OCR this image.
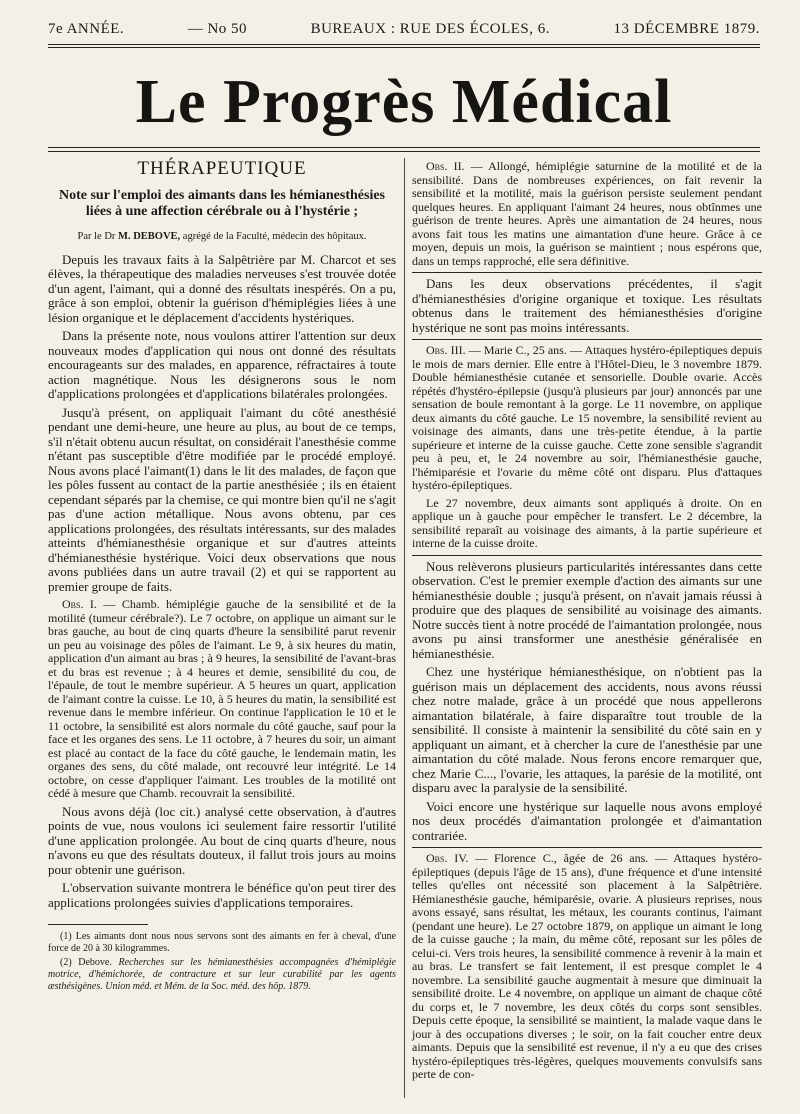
7e ANNÉE.	— No 50	BUREAUX : RUE DES ÉCOLES, 6.	13 DÉCEMBRE 1879.
Le Progrès Médical
THÉRAPEUTIQUE
Note sur l'emploi des aimants dans les hémianesthésies liées à une affection cérébrale ou à l'hystérie ;
Par le Dr M. DEBOVE, agrégé de la Faculté, médecin des hôpitaux.

Depuis les travaux faits à la Salpêtrière par M. Charcot et ses élèves, la thérapeutique des maladies nerveuses s'est trouvée dotée d'un agent, l'aimant, qui a donné des résultats inespérés. On a pu, grâce à son emploi, obtenir la guérison d'hémiplégies liées à une lésion organique et le déplacement d'accidents hystériques.

Dans la présente note, nous voulons attirer l'attention sur deux nouveaux modes d'application qui nous ont donné des résultats encourageants sur des malades, en apparence, réfractaires à toute action magnétique. Nous les désignerons sous le nom d'applications prolongées et d'applications bilatérales prolongées.

Jusqu'à présent, on appliquait l'aimant du côté anesthésié pendant une demi-heure, une heure au plus, au bout de ce temps, s'il n'était obtenu aucun résultat, on considérait l'anesthésie comme n'étant pas susceptible d'être modifiée par le procédé employé. Nous avons placé l'aimant(1) dans le lit des malades, de façon que les pôles fussent au contact de la partie anesthésiée ; ils en étaient cependant séparés par la chemise, ce qui montre bien qu'il ne s'agit pas d'une action métallique. Nous avons obtenu, par ces applications prolongées, des résultats intéressants, sur des malades atteints d'hémianesthésie organique et sur d'autres atteints d'hémianesthésie hystérique. Voici deux observations que nous avons publiées dans un autre travail (2) et qui se rapportent au premier groupe de faits.

Obs. I. — Chamb. hémiplégie gauche de la sensibilité et de la motilité (tumeur cérébrale?). Le 7 octobre, on applique un aimant sur le bras gauche, au bout de cinq quarts d'heure la sensibilité parut revenir un peu au voisinage des pôles de l'aimant. Le 9, à six heures du matin, application d'un aimant au bras ; à 9 heures, la sensibilité de l'avant-bras et du bras est revenue ; à 4 heures et demie, sensibilité du cou, de l'épaule, de tout le membre supérieur. A 5 heures un quart, application de l'aimant contre la cuisse. Le 10, à 5 heures du matin, la sensibilité est revenue dans le membre inférieur. On continue l'application le 10 et le 11 octobre, la sensibilité est alors normale du côté gauche, sauf pour la face et les organes des sens. Le 11 octobre, à 7 heures du soir, un aimant est placé au contact de la face du côté gauche, le lendemain matin, les organes des sens, du côté malade, ont recouvré leur intégrité. Le 14 octobre, on cesse d'appliquer l'aimant. Les troubles de la motilité ont cédé à mesure que Chamb. recouvrait la sensibilité.

Nous avons déjà (loc cit.) analysé cette observation, à d'autres points de vue, nous voulons ici seulement faire ressortir l'utilité d'une application prolongée. Au bout de cinq quarts d'heure, nous n'avons eu que des résultats douteux, il fallut trois jours au moins pour obtenir une guérison.

L'observation suivante montrera le bénéfice qu'on peut tirer des applications prolongées suivies d'applications temporaires.

(1) Les aimants dont nous nous servons sont des aimants en fer à cheval, d'une force de 20 à 30 kilogrammes.

(2) Debove. Recherches sur les hémianesthésies accompagnées d'hémiplégie motrice, d'hémichorée, de contracture et sur leur curabilité par les agents æsthésigènes. Union méd. et Mém. de la Soc. méd. des hôp. 1879.

Obs. II. — Allongé, hémiplégie saturnine de la motilité et de la sensibilité. Dans de nombreuses expériences, on fait revenir la sensibilité et la motilité, mais la guérison persiste seulement pendant quelques heures. En appliquant l'aimant 24 heures, nous obtînmes une guérison de trente heures. Après une aimantation de 24 heures, nous avons fait tous les matins une aimantation d'une heure. Grâce à ce moyen, depuis un mois, la guérison se maintient ; nous espérons que, dans un temps rapproché, elle sera définitive.

Dans les deux observations précédentes, il s'agit d'hémianesthésies d'origine organique et toxique. Les résultats obtenus dans le traitement des hémianesthésies d'origine hystérique ne sont pas moins intéressants.

Obs. III. — Marie C., 25 ans. — Attaques hystéro-épileptiques depuis le mois de mars dernier. Elle entre à l'Hôtel-Dieu, le 3 novembre 1879. Double hémianesthésie cutanée et sensorielle. Double ovarie. Accès répétés d'hystéro-épilepsie (jusqu'à plusieurs par jour) annoncés par une sensation de boule remontant à la gorge. Le 11 novembre, on applique deux aimants du côté gauche. Le 15 novembre, la sensibilité revient au voisinage des aimants, dans une très-petite étendue, à la partie supérieure et interne de la cuisse gauche. Cette zone sensible s'agrandit peu à peu, et, le 24 novembre au soir, l'hémianesthésie gauche, l'hémiparésie et l'ovarie du même côté ont disparu. Plus d'attaques hystéro-épileptiques.

Le 27 novembre, deux aimants sont appliqués à droite. On en applique un à gauche pour empêcher le transfert. Le 2 décembre, la sensibilité reparaît au voisinage des aimants, à la partie supérieure et interne de la cuisse droite.

Nous relèverons plusieurs particularités intéressantes dans cette observation. C'est le premier exemple d'action des aimants sur une hémianesthésie double ; jusqu'à présent, on n'avait jamais réussi à produire que des plaques de sensibilité au voisinage des aimants. Notre succès tient à notre procédé de l'aimantation prolongée, nous avons pu ainsi transformer une anesthésie généralisée en hémianesthésie.

Chez une hystérique hémianesthésique, on n'obtient pas la guérison mais un déplacement des accidents, nous avons réussi chez notre malade, grâce à un procédé que nous appellerons aimantation bilatérale, à faire disparaître tout trouble de la sensibilité. Il consiste à maintenir la sensibilité du côté sain en y appliquant un aimant, et à chercher la cure de l'anesthésie par une aimantation du côté malade. Nous ferons encore remarquer que, chez Marie C..., l'ovarie, les attaques, la parésie de la motilité, ont disparu avec la paralysie de la sensibilité.

Voici encore une hystérique sur laquelle nous avons employé nos deux procédés d'aimantation prolongée et d'aimantation contrariée.

Obs. IV. — Florence C., âgée de 26 ans. — Attaques hystéro-épileptiques (depuis l'âge de 15 ans), d'une fréquence et d'une intensité telles qu'elles ont nécessité son placement à la Salpêtrière. Hémianesthésie gauche, hémiparésie, ovarie. A plusieurs reprises, nous avons essayé, sans résultat, les métaux, les courants continus, l'aimant (pendant une heure). Le 27 octobre 1879, on applique un aimant le long de la cuisse gauche ; la main, du même côté, reposant sur les pôles de celui-ci. Vers trois heures, la sensibilité commence à revenir à la main et au bras. Le transfert se fait lentement, il est presque complet le 4 novembre. La sensibilité gauche augmentait à mesure que diminuait la sensibilité droite. Le 4 novembre, on applique un aimant de chaque côté du corps et, le 7 novembre, les deux côtés du corps sont sensibles. Depuis cette époque, la sensibilité se maintient, la malade vaque dans le jour à des occupations diverses ; le soir, on la fait coucher entre deux aimants. Depuis que la sensibilité est revenue, il n'y a eu que des crises hystéro-épileptiques très-légères, quelques mouvements convulsifs sans perte de con-
